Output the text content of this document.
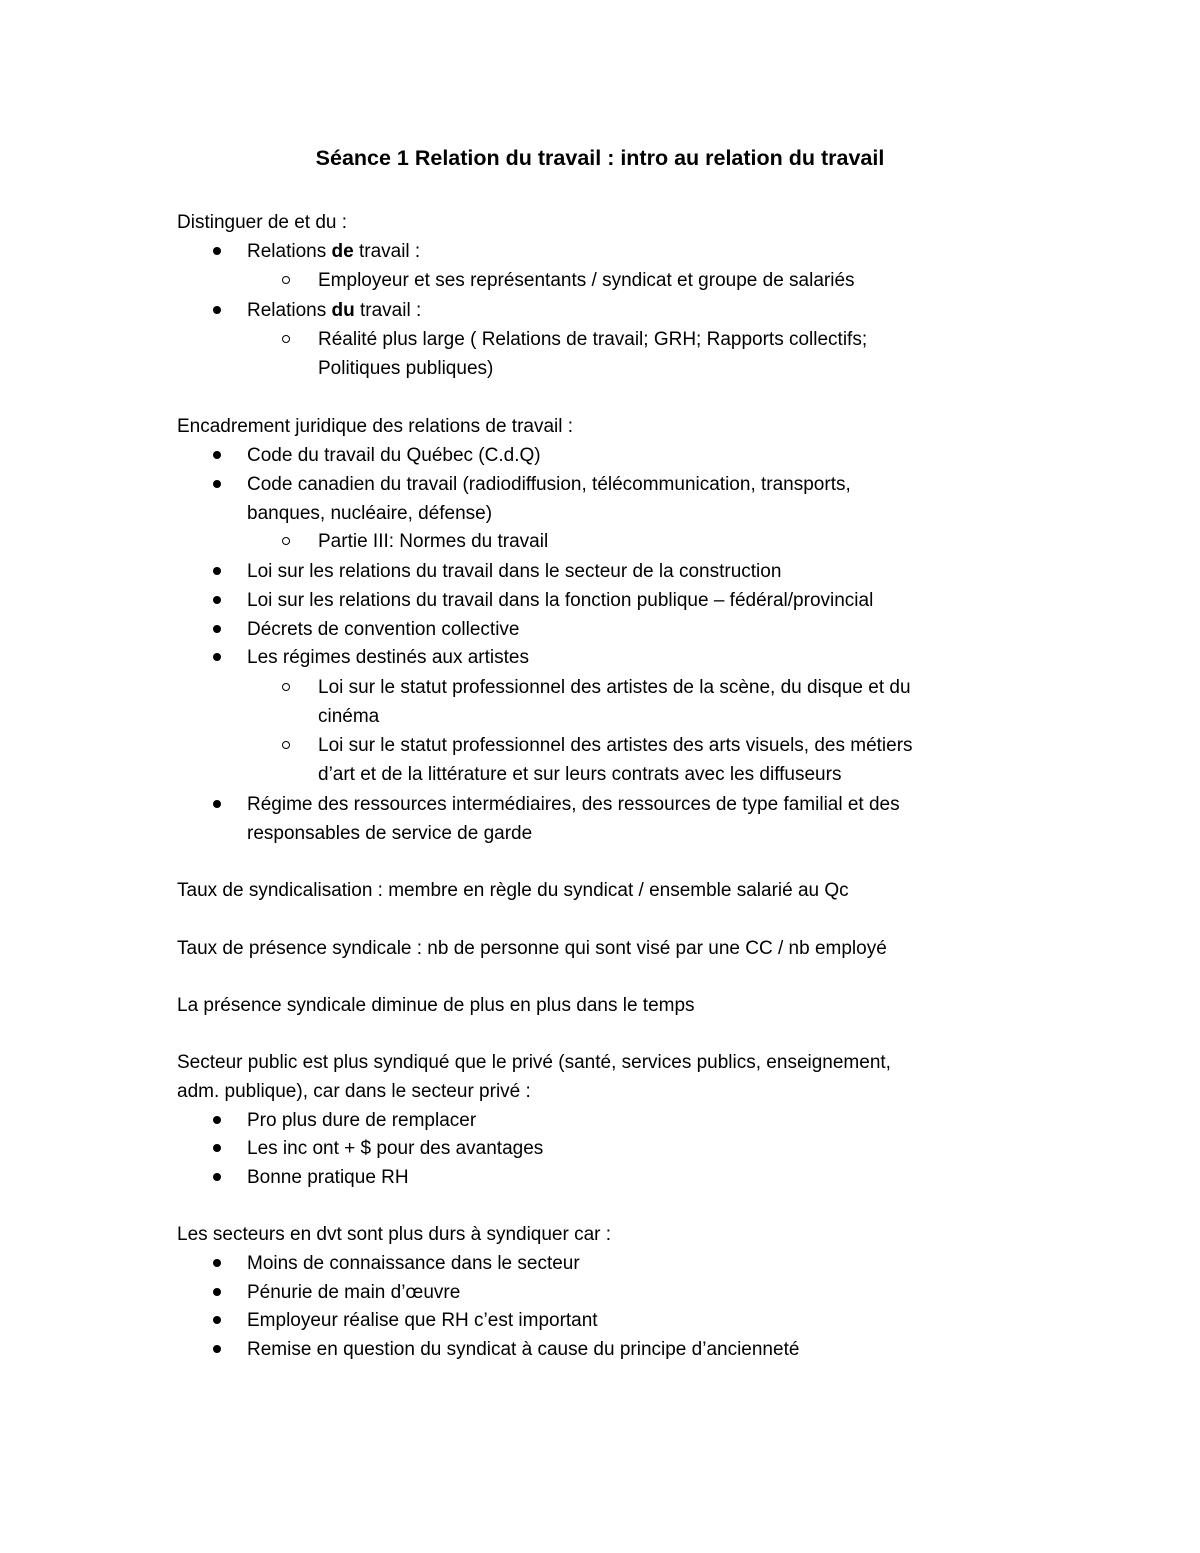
Séance 1 Relation du travail : intro au relation du travail
Distinguer de et du :
Relations de travail :
Employeur et ses représentants / syndicat et groupe de salariés
Relations du travail :
Réalité plus large ( Relations de travail; GRH; Rapports collectifs;
Politiques publiques)
Encadrement juridique des relations de travail :
Code du travail du Québec (C.d.Q)
Code canadien du travail (radiodiffusion, télécommunication, transports,
banques, nucléaire, défense)
Partie III: Normes du travail
Loi sur les relations du travail dans le secteur de la construction
Loi sur les relations du travail dans la fonction publique – fédéral/provincial
Décrets de convention collective
Les régimes destinés aux artistes
Loi sur le statut professionnel des artistes de la scène, du disque et du
cinéma
Loi sur le statut professionnel des artistes des arts visuels, des métiers
d’art et de la littérature et sur leurs contrats avec les diffuseurs
Régime des ressources intermédiaires, des ressources de type familial et des
responsables de service de garde
Taux de syndicalisation : membre en règle du syndicat / ensemble salarié au Qc
Taux de présence syndicale : nb de personne qui sont visé par une CC / nb employé
La présence syndicale diminue de plus en plus dans le temps
Secteur public est plus syndiqué que le privé (santé, services publics, enseignement,
adm. publique), car dans le secteur privé :
Pro plus dure de remplacer
Les inc ont + $ pour des avantages
Bonne pratique RH
Les secteurs en dvt sont plus durs à syndiquer car :
Moins de connaissance dans le secteur
Pénurie de main d’œuvre
Employeur réalise que RH c’est important
Remise en question du syndicat à cause du principe d’ancienneté
